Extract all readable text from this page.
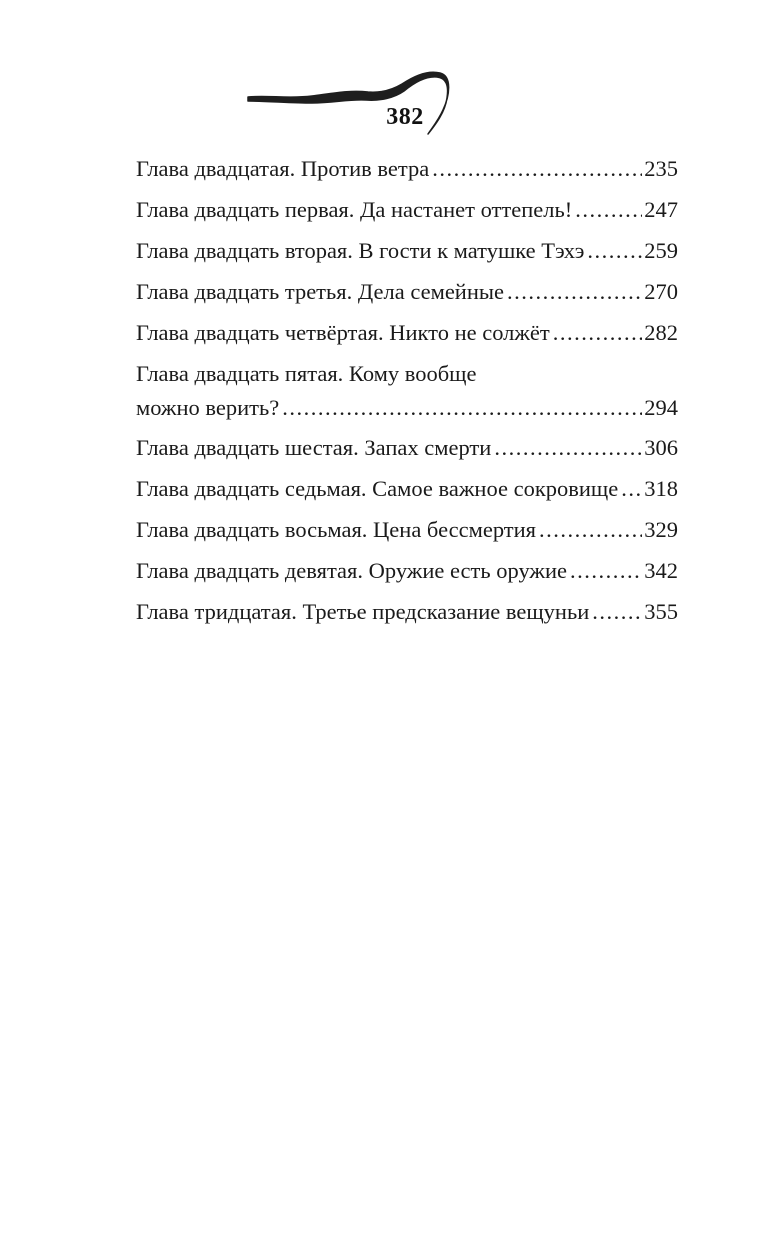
382
Глава двадцатая. Против ветра .....	235
Глава двадцать первая. Да настанет оттепель! .....	247
Глава двадцать вторая. В гости к матушке Тэхэ .....	259
Глава двадцать третья. Дела семейные .....	270
Глава двадцать четвёртая. Никто не солжёт .....	282
Глава двадцать пятая. Кому вообще
можно верить? .....	294
Глава двадцать шестая. Запах смерти .....	306
Глава двадцать седьмая. Самое важное сокровище ..... 318
Глава двадцать восьмая. Цена бессмертия .....	329
Глава двадцать девятая. Оружие есть оружие .....	342
Глава тридцатая. Третье предсказание вещуньи ..... 355
